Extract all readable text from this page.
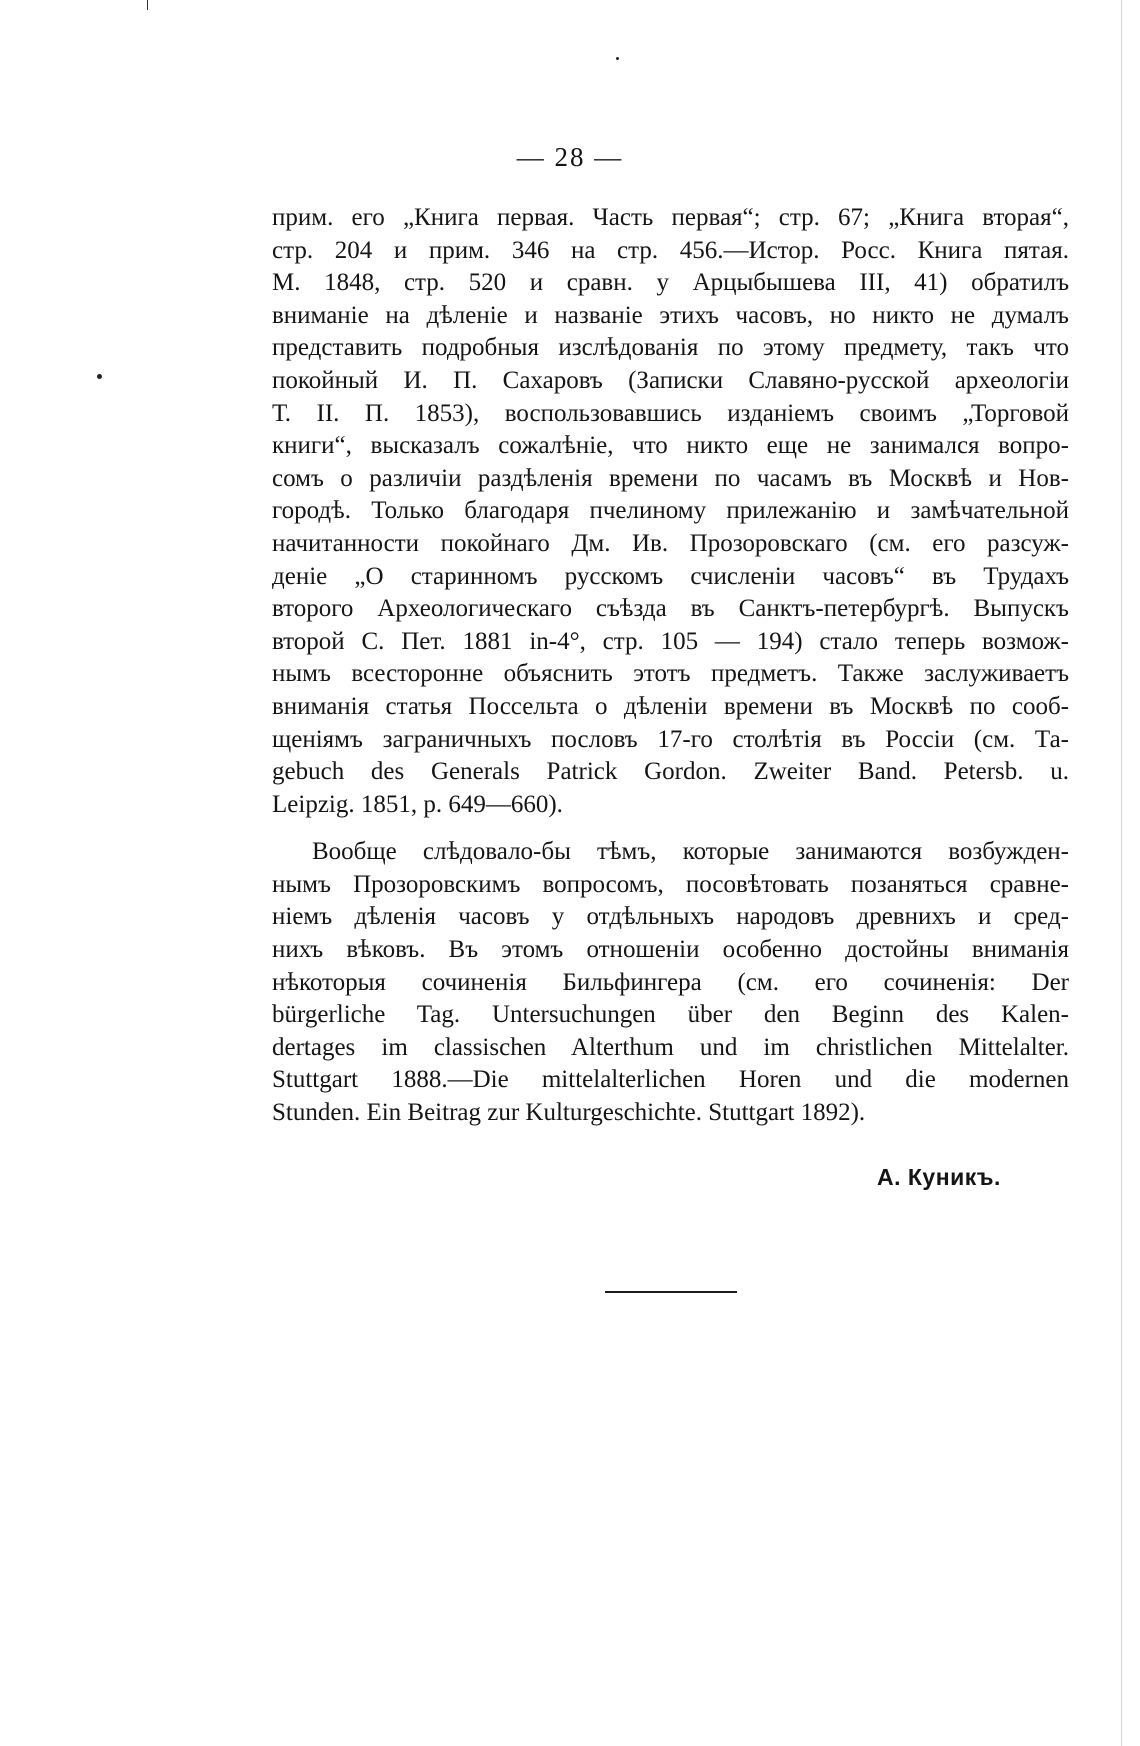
— 28 —
прим. его „Книга первая. Часть первая“; стр. 67; „Книга вторая“,
стр. 204 и прим. 346 на стр. 456.—Истор. Росс. Книга пятая.
М. 1848, стр. 520 и сравн. у Арцыбышева III, 41) обратилъ
вниманіе на дѣленіе и названіе этихъ часовъ, но никто не думалъ
представить подробныя изслѣдованія по этому предмету, такъ что
покойный И. П. Сахаровъ (Записки Славяно-русской археологіи
Т. II. П. 1853), воспользовавшись изданіемъ своимъ „Торговой
книги“, высказалъ сожалѣніе, что никто еще не занимался вопро-
сомъ о различіи раздѣленія времени по часамъ въ Москвѣ и Нов-
городѣ. Только благодаря пчелиному прилежанію и замѣчательной
начитанности покойнаго Дм. Ив. Прозоровскаго (см. его разсуж-
деніе „О старинномъ русскомъ счисленіи часовъ“ въ Трудахъ
второго Археологическаго съѣзда въ Санктъ-петербургѣ. Выпускъ
второй С. Пет. 1881 in-4°, стр. 105 — 194) стало теперь возмож-
нымъ всесторонне объяснить этотъ предметъ. Также заслуживаетъ
вниманія статья Поссельта о дѣленіи времени въ Москвѣ по сооб-
щеніямъ заграничныхъ пословъ 17-го столѣтія въ Россіи (см. Та-
gebuch des Generals Patrick Gordon. Zweiter Band. Petersb. u.
Leipzig. 1851, p. 649—660).
Вообще слѣдовало-бы тѣмъ, которые занимаются возбужден-
нымъ Прозоровскимъ вопросомъ, посовѣтовать позаняться сравне-
ніемъ дѣленія часовъ у отдѣльныхъ народовъ древнихъ и сред-
нихъ вѣковъ. Въ этомъ отношеніи особенно достойны вниманія
нѣкоторыя сочиненія Бильфингера (см. его сочиненія: Der
bürgerliche Tag. Untersuchungen über den Beginn des Kalen-
dertages im classischen Alterthum und im christlichen Mittelalter.
Stuttgart 1888.—Die mittelalterlichen Horen und die modernen
Stunden. Ein Beitrag zur Kulturgeschichte. Stuttgart 1892).
А. Куникъ.
